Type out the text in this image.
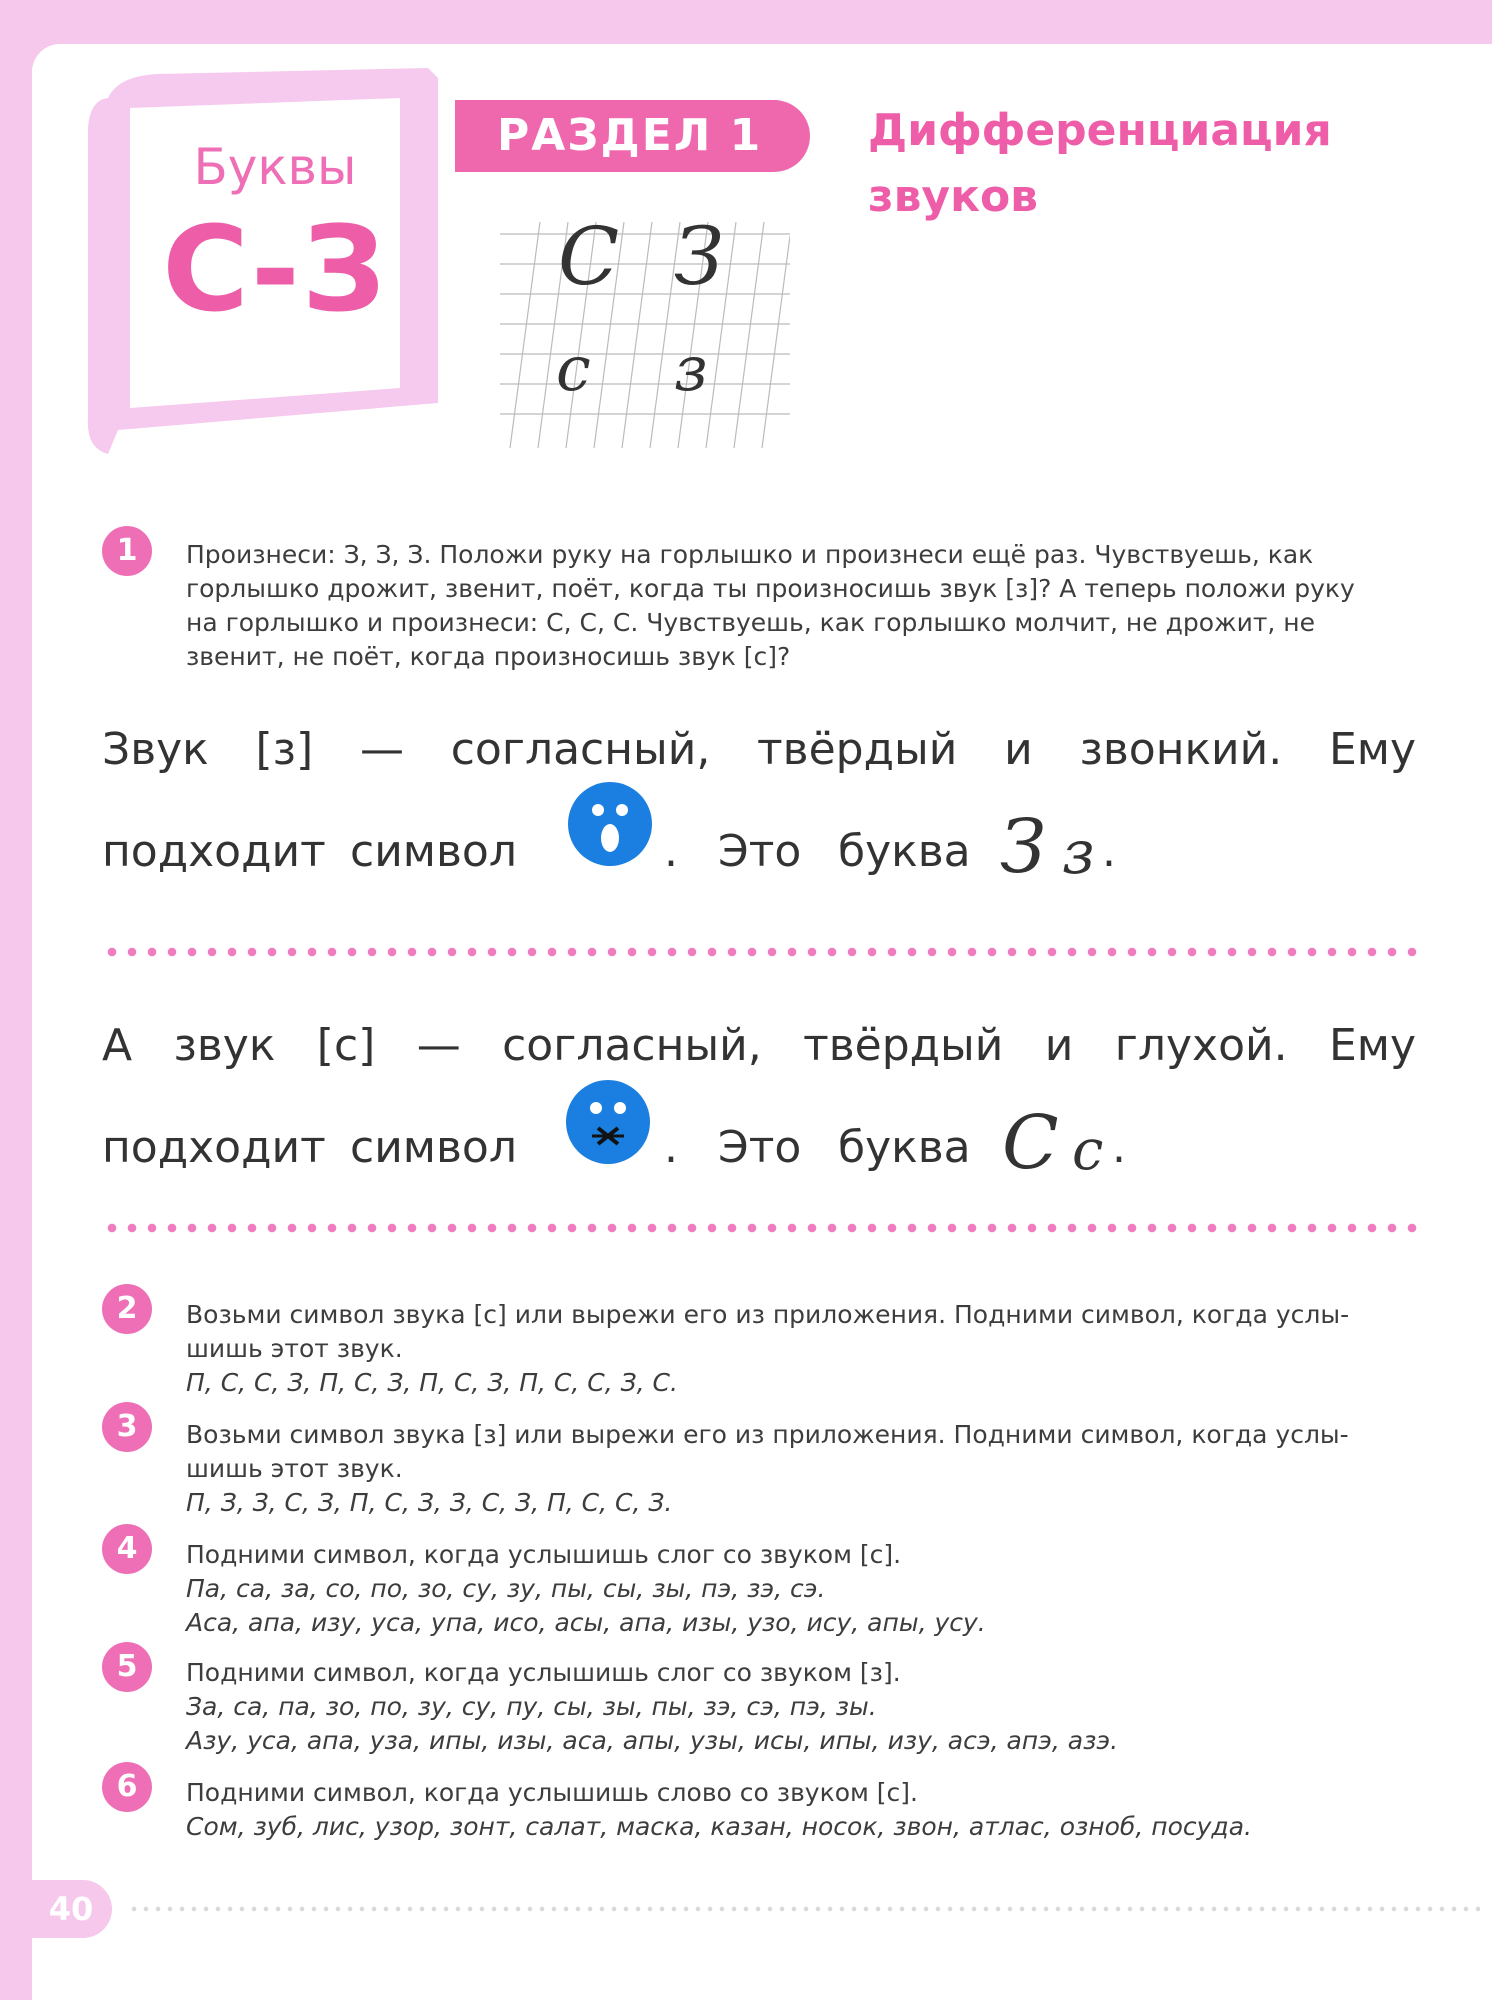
Буквы
С-З
РАЗДЕЛ 1	Дифференциация
звуков
С З
с з
1	Произнеси: З, З, З. Положи руку на горлышко и произнеси ещё раз. Чувствуешь, как
горлышко дрожит, звенит, поёт, когда ты произносишь звук [з]? А теперь положи руку
на горлышко и произнеси: С, С, С. Чувствуешь, как горлышко молчит, не дрожит, не
звенит, не поёт, когда произносишь звук [с]?
Звук [з] — согласный, твёрдый и звонкий. Ему
подходит символ	. Это буква З з .
А звук [с] — согласный, твёрдый и глухой. Ему
подходит символ	. Это буква С с .
2	Возьми символ звука [с] или вырежи его из приложения. Подними символ, когда услы-
шишь этот звук.
П, С, С, З, П, С, З, П, С, З, П, С, С, З, С.
3	Возьми символ звука [з] или вырежи его из приложения. Подними символ, когда услы-
шишь этот звук.
П, З, З, С, З, П, С, З, З, С, З, П, С, С, З.
4	Подними символ, когда услышишь слог со звуком [с].
Па, са, за, со, по, зо, су, зу, пы, сы, зы, пэ, зэ, сэ.
Аса, апа, изу, уса, упа, исо, асы, апа, изы, узо, ису, апы, усу.
5	Подними символ, когда услышишь слог со звуком [з].
За, са, па, зо, по, зу, су, пу, сы, зы, пы, зэ, сэ, пэ, зы.
Азу, уса, апа, уза, ипы, изы, аса, апы, узы, исы, ипы, изу, асэ, апэ, азэ.
6	Подними символ, когда услышишь слово со звуком [с].
Сом, зуб, лис, узор, зонт, салат, маска, казан, носок, звон, атлас, озноб, посуда.
40
